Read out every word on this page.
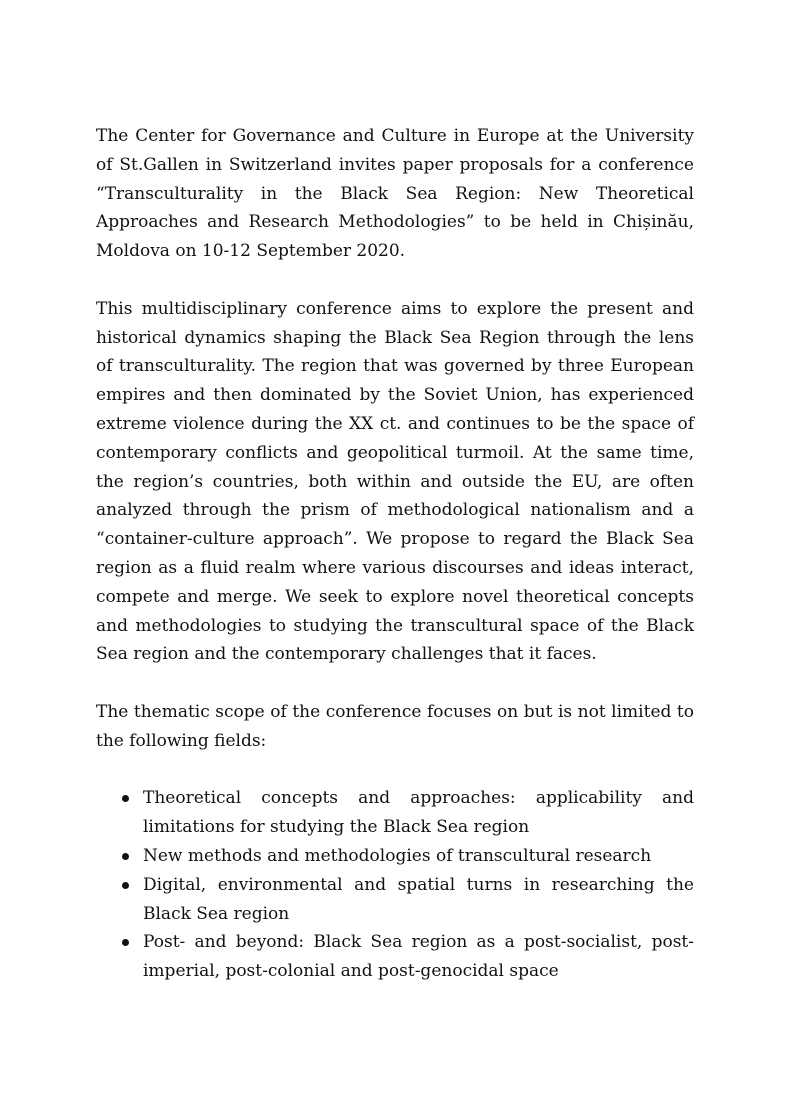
The Center for Governance and Culture in Europe at the University of St.Gallen in Switzerland invites paper proposals for a conference “Transculturality in the Black Sea Region: New Theoretical Approaches and Research Methodologies” to be held in Chișinău, Moldova on 10-12 September 2020.

This multidisciplinary conference aims to explore the present and historical dynamics shaping the Black Sea Region through the lens of transculturality. The region that was governed by three European empires and then dominated by the Soviet Union, has experienced extreme violence during the XX ct. and continues to be the space of contemporary conflicts and geopolitical turmoil. At the same time, the region’s countries, both within and outside the EU, are often analyzed through the prism of methodological nationalism and a “container-culture approach”. We propose to regard the Black Sea region as a fluid realm where various discourses and ideas interact, compete and merge. We seek to explore novel theoretical concepts and methodologies to studying the transcultural space of the Black Sea region and the contemporary challenges that it faces.

The thematic scope of the conference focuses on but is not limited to the following fields:

Theoretical concepts and approaches: applicability and limitations for studying the Black Sea region
New methods and methodologies of transcultural research
Digital, environmental and spatial turns in researching the Black Sea region
Post- and beyond: Black Sea region as a post-socialist, post-imperial, post-colonial and post-genocidal space
